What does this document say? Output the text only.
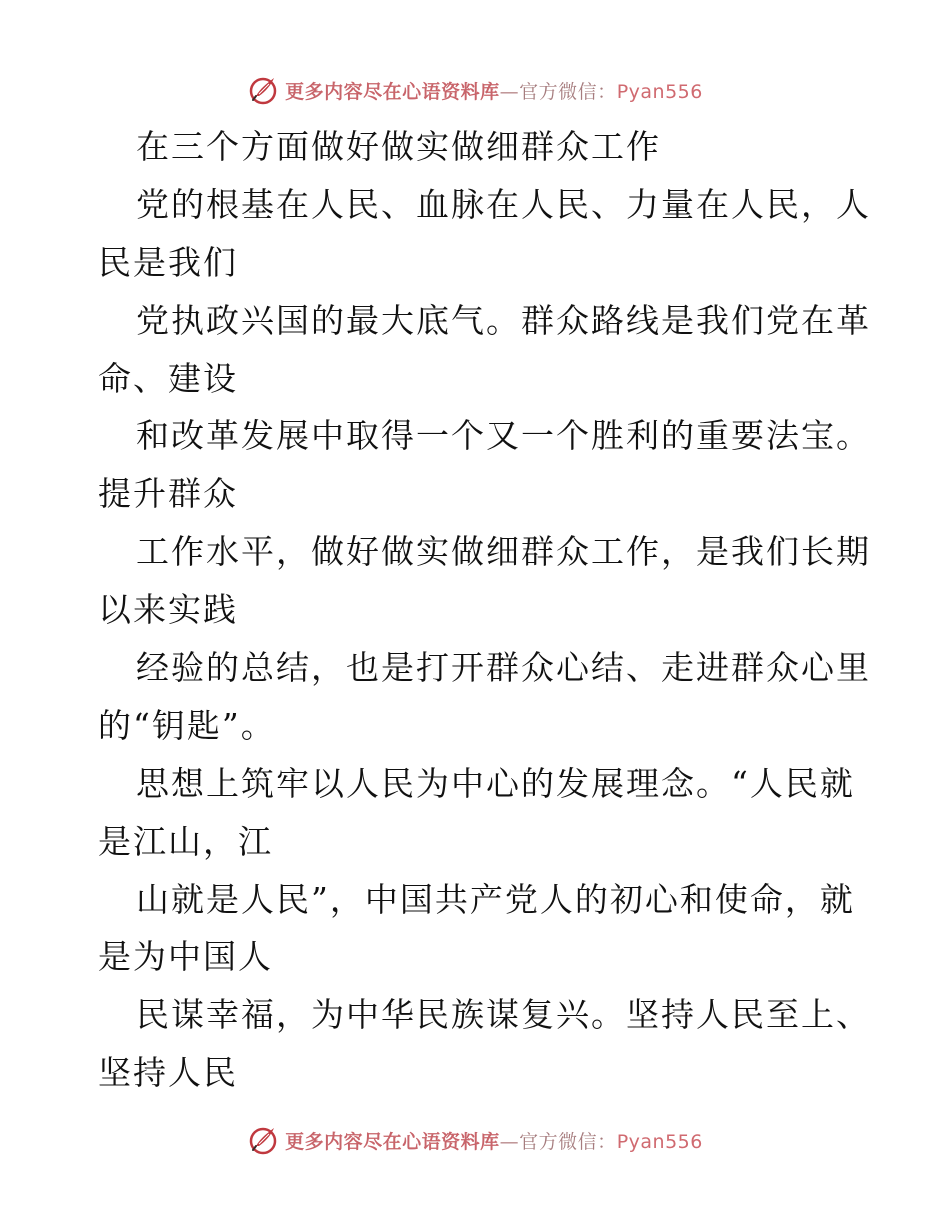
更多内容尽在心语资料库—官方微信：Pyan556
在三个方面做好做实做细群众工作
党的根基在人民、血脉在人民、力量在人民，人
民是我们
党执政兴国的最大底气。群众路线是我们党在革
命、建设
和改革发展中取得一个又一个胜利的重要法宝。
提升群众
工作水平，做好做实做细群众工作，是我们长期
以来实践
经验的总结，也是打开群众心结、走进群众心里
的“钥匙”。
思想上筑牢以人民为中心的发展理念。“人民就
是江山，江
山就是人民”，中国共产党人的初心和使命，就
是为中国人
民谋幸福，为中华民族谋复兴。坚持人民至上、
坚持人民
更多内容尽在心语资料库—官方微信：Pyan556
